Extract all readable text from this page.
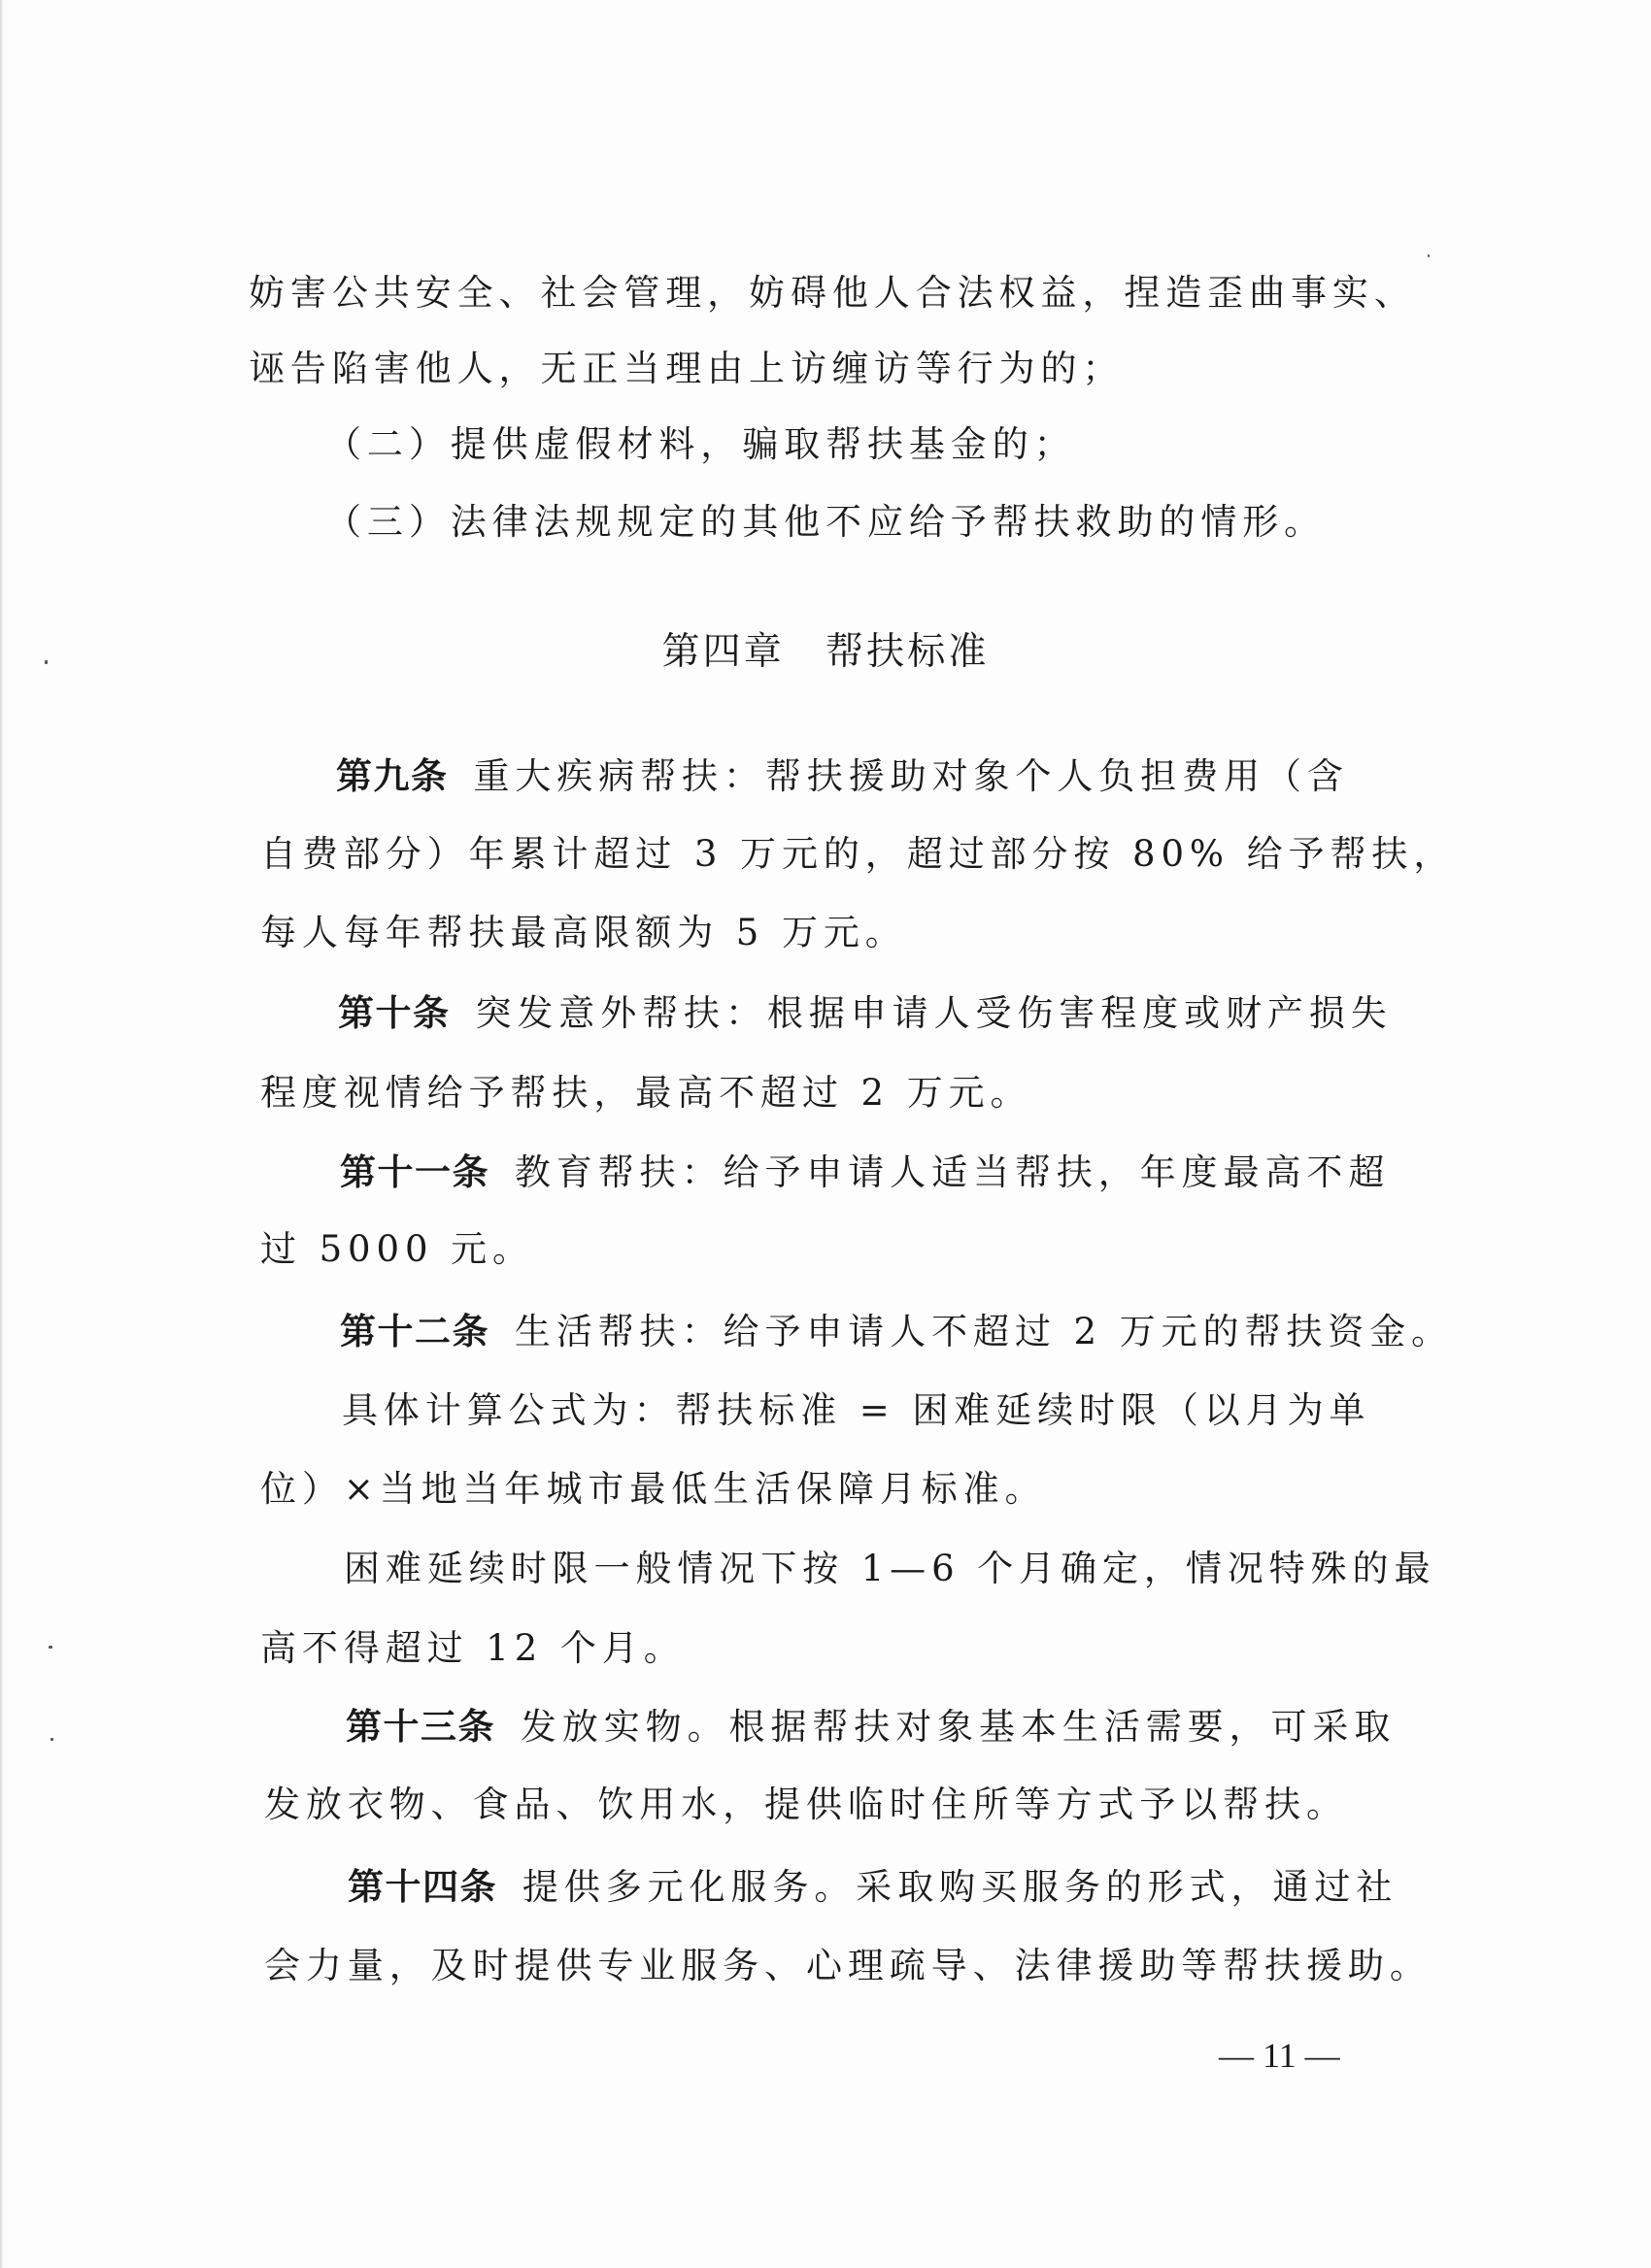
妨害公共安全、社会管理，妨碍他人合法权益，捏造歪曲事实、
诬告陷害他人，无正当理由上访缠访等行为的；
（二）提供虚假材料，骗取帮扶基金的；
（三）法律法规规定的其他不应给予帮扶救助的情形。
第四章　帮扶标准
第九条 重大疾病帮扶：帮扶援助对象个人负担费用（含
自费部分）年累计超过 3 万元的，超过部分按 80% 给予帮扶，
每人每年帮扶最高限额为 5 万元。
第十条 突发意外帮扶：根据申请人受伤害程度或财产损失
程度视情给予帮扶，最高不超过 2 万元。
第十一条 教育帮扶：给予申请人适当帮扶，年度最高不超
过 5000 元。
第十二条 生活帮扶：给予申请人不超过 2 万元的帮扶资金。
具体计算公式为：帮扶标准 = 困难延续时限（以月为单
位）×当地当年城市最低生活保障月标准。
困难延续时限一般情况下按 1—6 个月确定，情况特殊的最
高不得超过 12 个月。
第十三条 发放实物。根据帮扶对象基本生活需要，可采取
发放衣物、食品、饮用水，提供临时住所等方式予以帮扶。
第十四条 提供多元化服务。采取购买服务的形式，通过社
会力量，及时提供专业服务、心理疏导、法律援助等帮扶援助。
— 11 —
